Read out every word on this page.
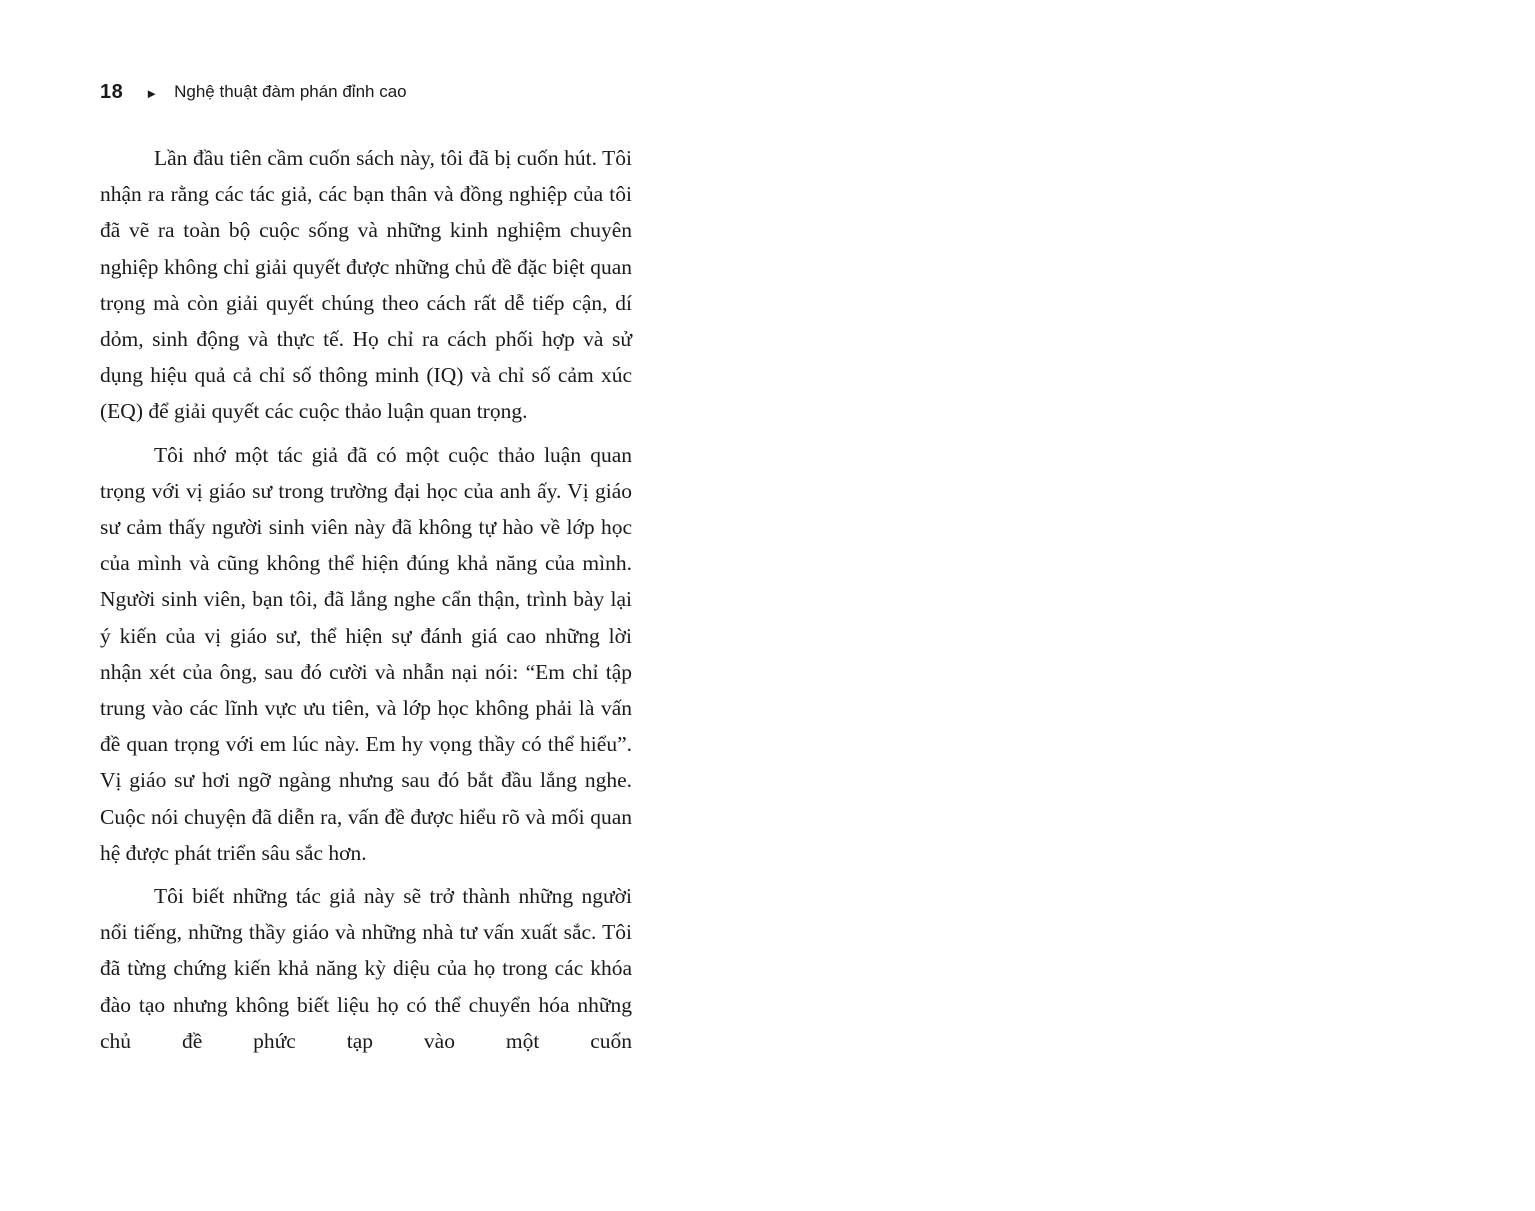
18 ► Nghệ thuật đàm phán đỉnh cao

Lần đầu tiên cầm cuốn sách này, tôi đã bị cuốn hút. Tôi nhận ra rằng các tác giả, các bạn thân và đồng nghiệp của tôi đã vẽ ra toàn bộ cuộc sống và những kinh nghiệm chuyên nghiệp không chỉ giải quyết được những chủ đề đặc biệt quan trọng mà còn giải quyết chúng theo cách rất dễ tiếp cận, dí dỏm, sinh động và thực tế. Họ chỉ ra cách phối hợp và sử dụng hiệu quả cả chỉ số thông minh (IQ) và chỉ số cảm xúc (EQ) để giải quyết các cuộc thảo luận quan trọng.

Tôi nhớ một tác giả đã có một cuộc thảo luận quan trọng với vị giáo sư trong trường đại học của anh ấy. Vị giáo sư cảm thấy người sinh viên này đã không tự hào về lớp học của mình và cũng không thể hiện đúng khả năng của mình. Người sinh viên, bạn tôi, đã lắng nghe cẩn thận, trình bày lại ý kiến của vị giáo sư, thể hiện sự đánh giá cao những lời nhận xét của ông, sau đó cười và nhẫn nại nói: “Em chỉ tập trung vào các lĩnh vực ưu tiên, và lớp học không phải là vấn đề quan trọng với em lúc này. Em hy vọng thầy có thể hiểu”. Vị giáo sư hơi ngỡ ngàng nhưng sau đó bắt đầu lắng nghe. Cuộc nói chuyện đã diễn ra, vấn đề được hiểu rõ và mối quan hệ được phát triển sâu sắc hơn.

Tôi biết những tác giả này sẽ trở thành những người nổi tiếng, những thầy giáo và những nhà tư vấn xuất sắc. Tôi đã từng chứng kiến khả năng kỳ diệu của họ trong các khóa đào tạo nhưng không biết liệu họ có thể chuyển hóa những chủ đề phức tạp vào một cuốn
